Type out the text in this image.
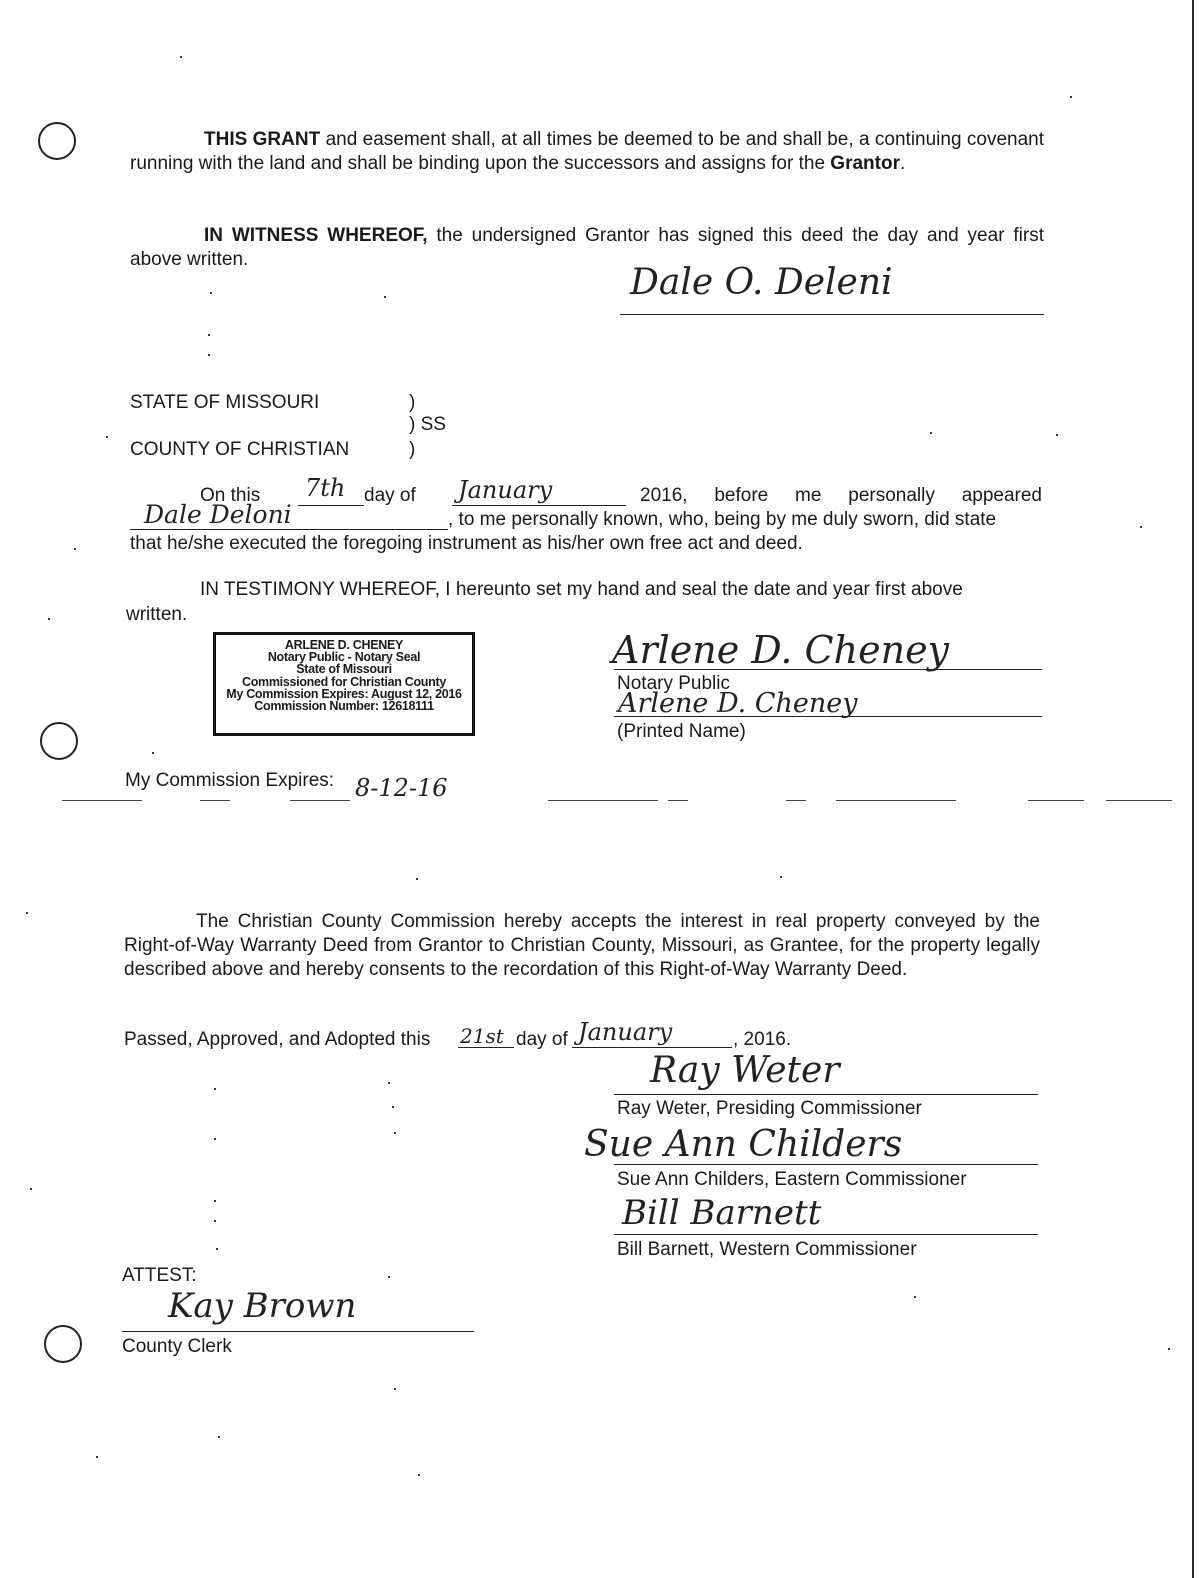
THIS GRANT and easement shall, at all times be deemed to be and shall be, a continuing covenant running with the land and shall be binding upon the successors and assigns for the Grantor.
IN WITNESS WHEREOF, the undersigned Grantor has signed this deed the day and year first above written.
Dale O. Deleni
STATE OF MISSOURI	)
) SS
COUNTY OF CHRISTIAN	)
On this 7th day of January	2016, before me personally appeared
Dale Deloni	, to me personally known, who, being by me duly sworn, did state
that he/she executed the foregoing instrument as his/her own free act and deed.
IN TESTIMONY WHEREOF, I hereunto set my hand and seal the date and year first above
written.
ARLENE D. CHENEY
Notary Public - Notary Seal
State of Missouri
Commissioned for Christian County
My Commission Expires: August 12, 2016
Commission Number: 12618111
Arlene D. Cheney
Notary Public
Arlene D. Cheney
(Printed Name)
My Commission Expires: 8-12-16
The Christian County Commission hereby accepts the interest in real property conveyed by the Right-of-Way Warranty Deed from Grantor to Christian County, Missouri, as Grantee, for the property legally described above and hereby consents to the recordation of this Right-of-Way Warranty Deed.
Passed, Approved, and Adopted this 21st day of January	, 2016.
Ray Weter
Ray Weter, Presiding Commissioner
Sue Ann Childers
Sue Ann Childers, Eastern Commissioner
Bill Barnett
Bill Barnett, Western Commissioner
ATTEST:
Kay Brown
County Clerk
